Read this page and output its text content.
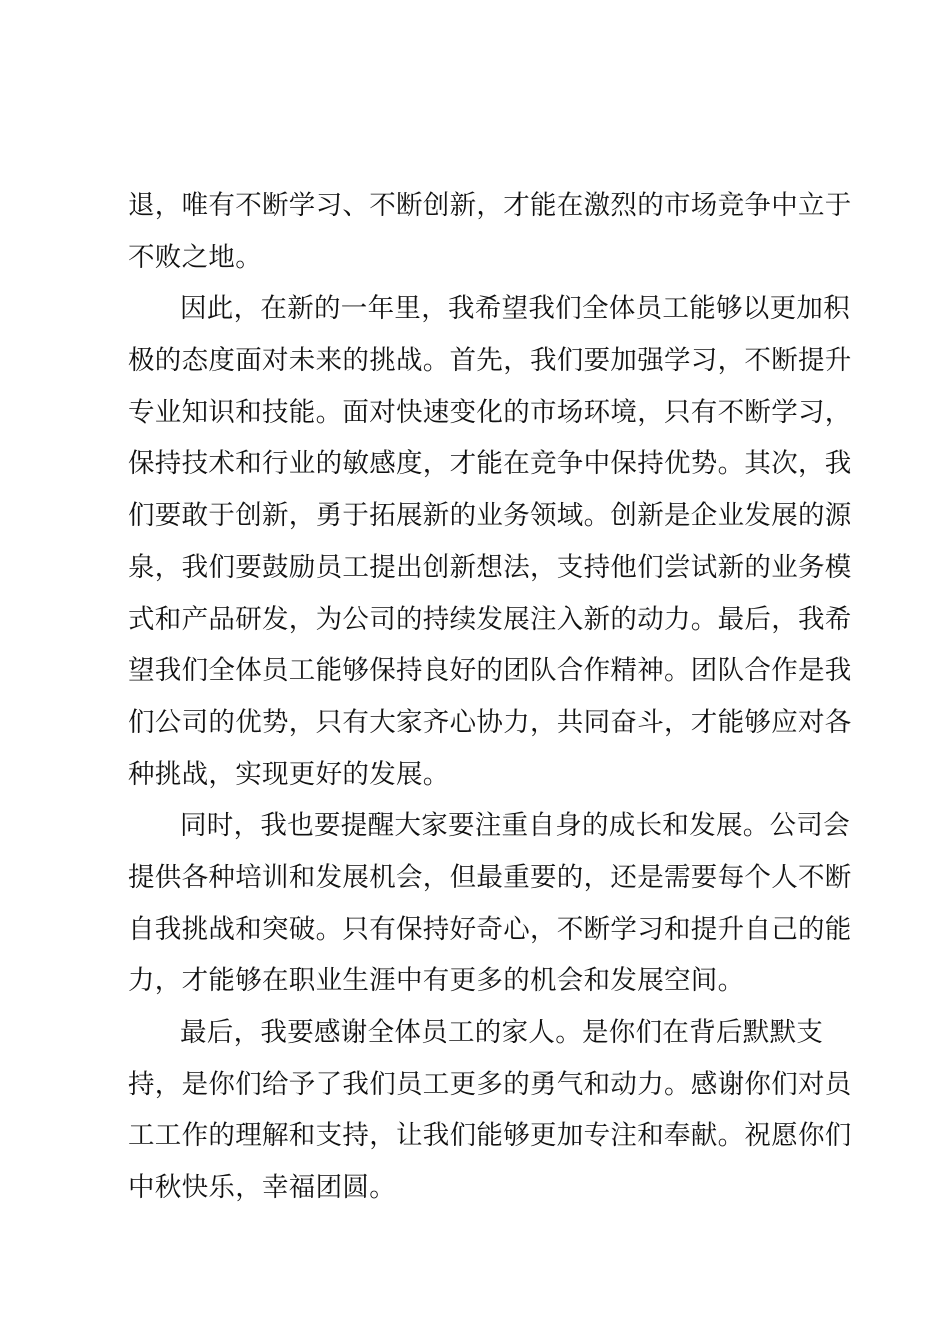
退，唯有不断学习、不断创新，才能在激烈的市场竞争中立于
不败之地。
因此，在新的一年里，我希望我们全体员工能够以更加积
极的态度面对未来的挑战。首先，我们要加强学习，不断提升
专业知识和技能。面对快速变化的市场环境，只有不断学习，
保持技术和行业的敏感度，才能在竞争中保持优势。其次，我
们要敢于创新，勇于拓展新的业务领域。创新是企业发展的源
泉，我们要鼓励员工提出创新想法，支持他们尝试新的业务模
式和产品研发，为公司的持续发展注入新的动力。最后，我希
望我们全体员工能够保持良好的团队合作精神。团队合作是我
们公司的优势，只有大家齐心协力，共同奋斗，才能够应对各
种挑战，实现更好的发展。
同时，我也要提醒大家要注重自身的成长和发展。公司会
提供各种培训和发展机会，但最重要的，还是需要每个人不断
自我挑战和突破。只有保持好奇心，不断学习和提升自己的能
力，才能够在职业生涯中有更多的机会和发展空间。
最后，我要感谢全体员工的家人。是你们在背后默默支
持，是你们给予了我们员工更多的勇气和动力。感谢你们对员
工工作的理解和支持，让我们能够更加专注和奉献。祝愿你们
中秋快乐，幸福团圆。
